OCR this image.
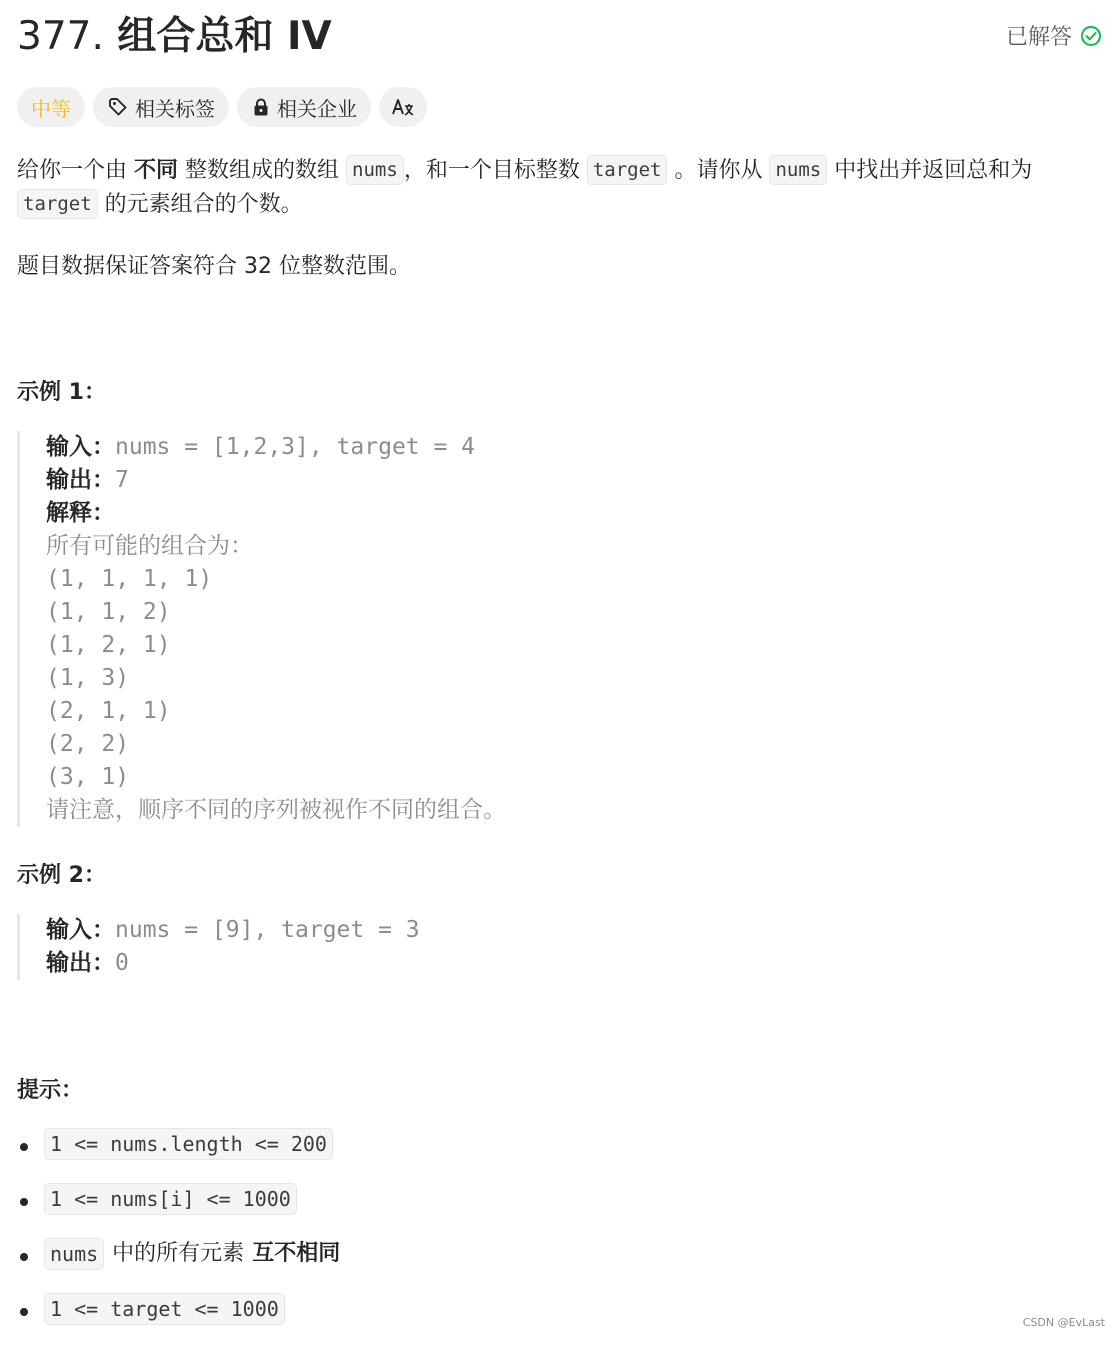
377. 组合总和 IV	已解答
中等	相关标签	相关企业

给你一个由 不同 整数组成的数组 nums ，和一个目标整数 target 。请你从 nums 中找出并返回总和为
target 的元素组合的个数。

题目数据保证答案符合 32 位整数范围。

示例 1：
输入：nums = [1,2,3], target = 4
输出：7
解释：
所有可能的组合为：
(1, 1, 1, 1)
(1, 1, 2)
(1, 2, 1)
(1, 3)
(2, 1, 1)
(2, 2)
(3, 1)
请注意，顺序不同的序列被视作不同的组合。
示例 2：
输入：nums = [9], target = 3
输出：0
提示：
1 <= nums.length <= 200
1 <= nums[i] <= 1000
nums 中的所有元素 互不相同
1 <= target <= 1000
CSDN @EvLast
